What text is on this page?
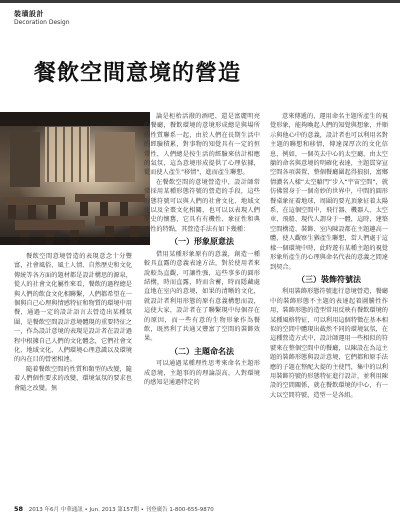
裝璜設計
Decoration Design
餐飲空間意境的營造

餐飲空間意境營造的表現意念十分豐富，社會風俗、風土人情、自然歷史和文化傳統等各方面的題材都是設計構思的源泉，從人的社會文化屬性來看，餐飲的過程總是與人們的飲食文化相聯繫，人們都希望在一個與自己心理與情感特征和物質的環境中用餐，通過一定的設計語言去營造出某種氛圍，是餐飲空間設計意境體現的重要特征之一，作為設計意境的表現是設計者在設計過程中根據自己人們的文化體念，它們社會文化、地域文化、人們環境心理意識以及環境的內在目的營密相連。

隨着餐飲空間的性質和類型的改變，隨着人們個性要求的改變，環境氣氛的要求也會隨之改變。無

論是柜枱活潑的酒吧、還是富麗明亮的餐廳，餐飲環境的意境形成總是與場所的性質聯系一起，由於人們在長期生活中的經驗積累，對事物的知覺具有一定的恒常性，人們總是按生活的經驗來估計相應的氣氛，這為意境形成提供了心理依據，從而使人產生"移情"，進而產生聯想。

在餐飲空間的意境營造中，設計師常常採用某種形態符號的營造的手段，這些形態符號可以與人們的社會文化、地域文化以及全棗文化相關，也可以以表現人們歷史的懷舊，它具有有機性、象征性和典型性的特點，其營造手法有如下幾種：

（一）形象原意法

借用某種形象原有的意義，創造一種較具直露的意義表達方法，對於使用者來說較為直觀，可讓性強，這些事多的圓形結構，時而直露，時而含蓄，時而隱藏處直地在室內的意境，如果的清晰的文化，就設計者利用形態的原有意義構想而設，這使大家，設計者在了聯繫現中每個存在的原因，而一些有意的生物形象作為餐飲，既然利了共通又豐富了空間的裝飾效果。

（二）主題命名法

可以通過某種理性思考來命名主題形成意境，主題事的的理論誤高，人對環境的感知是通過特定的

意來傳遞的，運用命名主題所產生的視覺形象，能夠喚起人們的知覺與想象，并順示與他心中的意義，設計者也可以利用名對主題的聯想和移情，傳達深厚次的文化信息，例如，一個英去中心的太空廳，由太空艙的命名與意境的明確化表達，主題貫穿宣空間各項裝置，整個餐廳圍起得狼狽，富鄉情濃名人樣“太空艙門”步入“宇宙空間”，就仿佛置身于一個奇妙的世界中，中間的圓形餐桌象征着地球，周圍的要光頂象征着太陽系，在這個空間中，飛行器、機器人、太空車、飛船、現代人謂身于一體，這時，建築空間構造、裝飾、室內陳設都在主題趣高一體，使人觀察生猶產生聯想，當人們處于這樣一個環境中時，此時遊有某種主題的視覺形象所產生的心理與命名代表的意義之間達到契合。

（三）裝飾符號法

利用裝飾形態符號進行意境營造，餐廳中的裝飾形態不主題的表達起着圖騰性作用，裝飾形態的造型常用反映有餐飲環境的某種風格特征，可以利用這個特徵在基本相似的空間中體現出截然不同的環境氣氛，在這種營造方式中，設計師運用一些相似的符號來在整個空間中的餐廳，以陳設在為這主題的裝飾形態與設計意境，它們都和原手法應的子題在整配大提的主使門，集中的以利用裝飾符號的形態特征進行設計，並利用陳設的空間關係，就在餐飲環境的中心，有一大以空間符號，造型一是各組。

58 2013 年6月 中華通訊 • Jun. 2013 第157期 • 刊登廣告 1-800-655-9870
